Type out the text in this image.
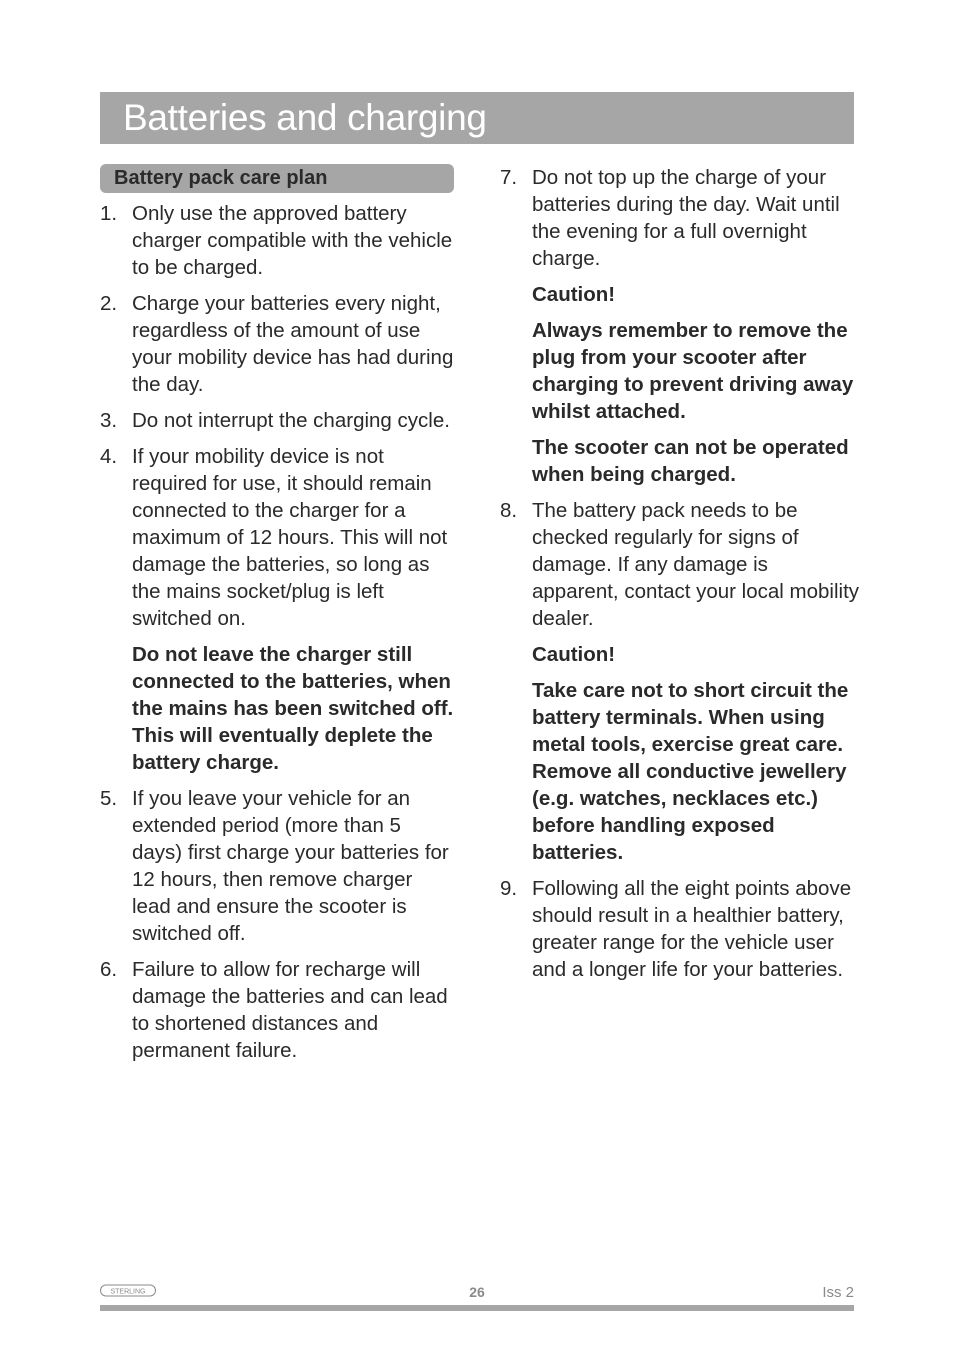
Batteries and charging
Battery pack care plan
1. Only use the approved battery charger compatible with the vehicle to be charged.

2. Charge your batteries every night, regardless of the amount of use your mobility device has had during the day.

3. Do not interrupt the charging cycle.

4. If your mobility device is not required for use, it should remain connected to the charger for a maximum of 12 hours. This will not damage the batteries, so long as the mains socket/plug is left switched on.

Do not leave the charger still connected to the batteries, when the mains has been switched off. This will eventually deplete the battery charge.

5. If you leave your vehicle for an extended period (more than 5 days) first charge your batteries for 12 hours, then remove charger lead and ensure the scooter is switched off.

6. Failure to allow for recharge will damage the batteries and can lead to shortened distances and permanent failure.

7. Do not top up the charge of your batteries during the day. Wait until the evening for a full overnight charge.

Caution!

Always remember to remove the plug from your scooter after charging to prevent driving away whilst attached.

The scooter can not be operated when being charged.

8. The battery pack needs to be checked regularly for signs of damage. If any damage is apparent, contact your local mobility dealer.

Caution!

Take care not to short circuit the battery terminals. When using metal tools, exercise great care. Remove all conductive jewellery (e.g. watches, necklaces etc.) before handling exposed batteries.

9. Following all the eight points above should result in a healthier battery, greater range for the vehicle user and a longer life for your batteries.

STERLING	26	Iss 2
